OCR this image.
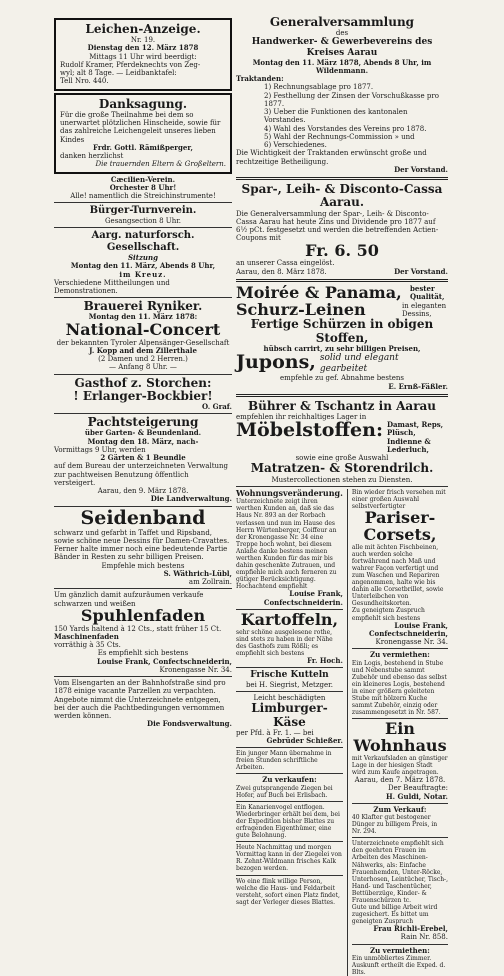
Leichen-Anzeige.
Nr. 19.
Dienstag den 12. März 1878
Mittags 11 Uhr wird beerdigt:
Rudolf Kramer, Pferdeknechts von Zeg-
wyl; alt 8 Tage. — Leidbanktafel:
Tell Nro. 440.
Danksagung.
Für die große Theilnahme bei dem so unerwartet plötzlichen Hinscheide, sowie für das zahlreiche Leichengeleit unseres lieben Kindes
Frdr. Gottl. Rämißperger,
danken herzlichst
Die trauernden Eltern & Großeltern.
Cæcilien-Verein.
Orchester 8 Uhr!
Alle! namentlich die Streichinstrumente!
Bürger-Turnverein.
Gesangsection 8 Uhr.
Aarg. naturforsch. Gesellschaft.
Sitzung
Montag den 11. März, Abends 8 Uhr,
im Kreuz.
Verschiedene Mittheilungen und Demonstrationen.
Brauerei Ryniker.
Montag den 11. März 1878:
National-Concert
der bekannten Tyroler Alpensänger-Gesellschaft
J. Kopp and dem Zillerthale
(2 Damen und 2 Herren.)
— Anfang 8 Uhr. —
Gasthof z. Storchen:
! Erlanger-Bockbier!
O. Graf.
Pachtsteigerung
über Garten- & Beundenland.
Montag den 18. März, nach-
Vormittags 9 Uhr, werden
2 Gärten & 1 Beundle
auf dem Bureau der unterzeichneten Verwaltung zur pachtweisen Benutzung öffentlich versteigert.
Aarau, den 9. März 1878.
Die Landverwaltung.
Seidenband
schwarz und gefarbt in Taffet und Ripsband, sowie schöne neue Dessins für Damen-Cravattes.
Ferner halte immer noch eine bedeutende Partie Bänder in Resten zu sehr billigen Preisen.
Empfehle mich bestens
S. Wäthrich-Lübl,
am Zollrain.
Um gänzlich damit aufzuräumen verkaufe schwarzen und weißen
Spuhlenfaden
150 Yards haltend à 12 Cts., statt früher 15 Ct.
Maschinenfaden
vorräthig à 35 Cts.
Es empfiehlt sich bestens
Louise Frank, Confectschneiderin,
Kronengasse Nr. 34.
Vom Elsengarten an der Bahnhofstraße sind pro 1878 einige vacante Parzellen zu verpachten. Angebote nimmt die Unterzeichnete entgegen, bei der auch die Pachtbedingungen vernommen werden können.
Die Fondsverwaltung.
Generalversammlung
des
Handwerker- & Gewerbevereins des Kreises Aarau
Montag den 11. März 1878, Abends 8 Uhr, im Wildenmann.
Traktanden:
1) Rechnungsablage pro 1877.
2) Festhellung der Zinsen der Vorschußkasse pro 1877.
3) Ueber die Funktionen des kantonalen Vorstandes.
4) Wahl des Vorstandes des Vereins pro 1878.
5) Wahl der Rechnungs-Commission » und
6) Verschiedenes.
Die Wichtigkeit der Traktanden erwünscht große und rechtzeitige Betheiligung.
Der Vorstand.
Spar-, Leih- & Disconto-Cassa Aarau.
Die Generalversammlung der Spar-, Leih- & Disconto-Cassa Aarau hat heute Zins und Dividende pro 1877 auf 6½ pCt. festgesetzt und werden die betreffenden Actien-Coupons mit
Fr. 6. 50
an unserer Cassa eingelöst.
Aarau, den 8. März 1878.	Der Vorstand.
Moirée & Panama, bester Qualität,
Schurz-Leinen	in eleganten Dessins,
Fertige Schürzen in obigen Stoffen,
hübsch carrirt, zu sehr billigen Preisen,
Jupons, solid und elegant gearbeitet
empfehle zu gef. Abnahme bestens
E. Ernß-Fäßler.
Bührer & Tschantz in Aarau
empfehlen ihr reichhaltiges Lager in
Möbelstoffen: Damast, Reps, Plüsch, Indienne & Lederluch,
sowie eine große Auswahl
Matratzen- & Storendrilch.
Mustercollectionen stehen zu Diensten.
Wohnungsveränderung.
Unterzeichnete zeigt ihren werthen Kunden an, daß sie das Haus Nr. 893 an der Rorbach verlassen und nun im Hause des Herrn Würtenberger, Coiffeur an der Kronengasse Nr. 34 eine Treppe hoch wohnt, bei diesem Anlaße danke bestens meinen werthen Kunden für das mir bis dahin geschenkte Zutrauen, und empfiehle mich auch ferneren zu gütiger Berücksichtigung. Hochachtend empfiehlt
Louise Frank, Confectschneiderin.
Kartoffeln,
sehr schöne ausgelesene rothe, sind stets zu haben in der Nähe des Gasthofs zum Rößli; es empfiehlt sich bestens
Fr. Hoch.
Frische Kutteln
bei H. Siegrist, Metzger.
Leicht beschädigten
Limburger-Käse
per Pfd. à Fr. 1. — bei
Gebrüder Schießer.
Ein junger Mann übernahme in freien Stunden schriftliche Arbeiten.
Zu verkaufen:
Zwei gutsprangende Ziegen bei Hofer, auf Buch bei Erlisbach.
Ein Kanarienvogel entflogen. Wiederbringer erhält bei dem, bei der Expedition bisher Blattes zu erfragenden Eigenthümer, eine gute Belohnung.
Heute Nachmittag und morgen Vormittag kann in der Ziegelei von R. Zehnt-Wildmann frisches Kalk bezogen werden.
Wo eine flink willige Person, welche die Haus- und Feldarbeit versteht, sofort einen Platz findet, sagt der Verleger dieses Blattes.
Bin wieder frisch versehen mit einer großen Auswahl selbstverfertigter
Pariser-Corsets,
alle mit ächten Fischbeinen, auch werden solche fortwährend nach Maß und wahrer Façon verfertigt und zum Waschen und Repariren angenommen, halte wie bis dahin alle Corsetbrillet, sowie Unterleibchen von Gesundheitskorten.
Zu geneigtem Zuspruch empfiehlt sich bestens
Louise Frank, Confectschneiderin,
Kronengasse Nr. 34.
Zu vermiethen:
Ein Logis, bestehend in Stube und Nebenstube sammt Zubehör und ebenso das selbst ein kleineres Logis, bestehend in einer größern geleiteten Stube mit hölzern Kuche sammt Zubehör, einzig oder zusammengesetzt in Nr. 587.
Ein Wohnhaus
mit Verkaufsladen an günstiger Lage in der hiesigen Stadt wird zum Kaufe angetragen.
Aarau, den 7. März 1878.
Der Beauftragte:
H. Guldi, Notar.
Zum Verkauf:
40 Klafter gut bestogener Dünger zu billigem Preis, in Nr. 294.
Unterzeichnete empfiehlt sich den geehrten Frauen im Arbeiten des Maschinen-Nähwerks, als: Einfache Frauenhemden, Unter-Röcke, Unterhosen, Leintücher, Tisch-, Hand- und Taschentücher, Bettüberzüge, Kinder- & Frauenschürzen tc.
Gute und billige Arbeit wird zugesichert. Es bittet um geneigten Zuspruch
Frau Richli-Erebel,
Rain Nr. 858.
Zu vermiethen:
Ein unmöbliertes Zimmer. Auskunft ertheilt die Exped. d. Blts.
